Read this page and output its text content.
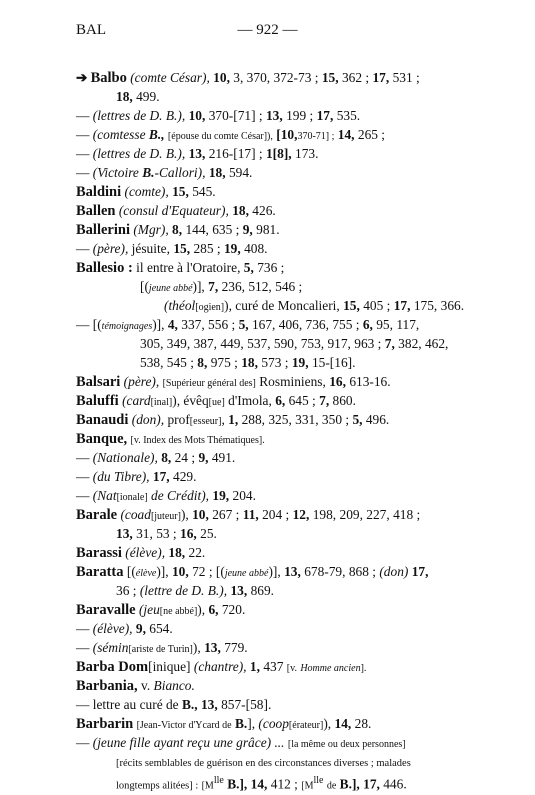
BAL	— 922 —
➔ Balbo (comte César), 10, 3, 370, 372-73 ; 15, 362 ; 17, 531 ;
18, 499.
— (lettres de D. B.), 10, 370-[71] ; 13, 199 ; 17, 535.
— (comtesse B., [épouse du comte César]), [10,370-71] ; 14, 265 ;
— (lettres de D. B.), 13, 216-[17] ; 1[8], 173.
— (Victoire B.-Callori), 18, 594.
Baldini (comte), 15, 545.
Ballen (consul d'Equateur), 18, 426.
Ballerini (Mgr), 8, 144, 635 ; 9, 981.
— (père), jésuite, 15, 285 ; 19, 408.
Ballesio : il entre à l'Oratoire, 5, 736 ;
[(jeune abbé)], 7, 236, 512, 546 ;
(théol[ogien]), curé de Moncalieri, 15, 405 ; 17, 175, 366.
— [(témoignages)], 4, 337, 556 ; 5, 167, 406, 736, 755 ; 6, 95, 117,
305, 349, 387, 449, 537, 590, 753, 917, 963 ; 7, 382, 462,
538, 545 ; 8, 975 ; 18, 573 ; 19, 15-[16].
Balsari (père), [Supérieur général des] Rosminiens, 16, 613-16.
Baluffi (card[inal]), évêq[ue] d'Imola, 6, 645 ; 7, 860.
Banaudi (don), prof[esseur], 1, 288, 325, 331, 350 ; 5, 496.
Banque, [v. Index des Mots Thématiques].
— (Nationale), 8, 24 ; 9, 491.
— (du Tibre), 17, 429.
— (Nat[ionale] de Crédit), 19, 204.
Barale (coad[juteur]), 10, 267 ; 11, 204 ; 12, 198, 209, 227, 418 ;
13, 31, 53 ; 16, 25.
Barassi (élève), 18, 22.
Baratta [(élève)], 10, 72 ; [(jeune abbé)], 13, 678-79, 868 ; (don) 17,
36 ; (lettre de D. B.), 13, 869.
Baravalle (jeu[ne abbé]), 6, 720.
— (élève), 9, 654.
— (sémin[ariste de Turin]), 13, 779.
Barba Dom[inique] (chantre), 1, 437 [v. Homme ancien].
Barbania, v. Bianco.
— lettre au curé de B., 13, 857-[58].
Barbarin [Jean-Victor d'Ycard de B.], (coop[érateur]), 14, 28.
— (jeune fille ayant reçu une grâce) ... [la même ou deux personnes]
[récits semblables de guérison en des circonstances diverses ; malades
longtemps alitées] : [$M^{lle}$ B.], 14, 412 ; [$M^{lle}$ de B.], 17, 446.
